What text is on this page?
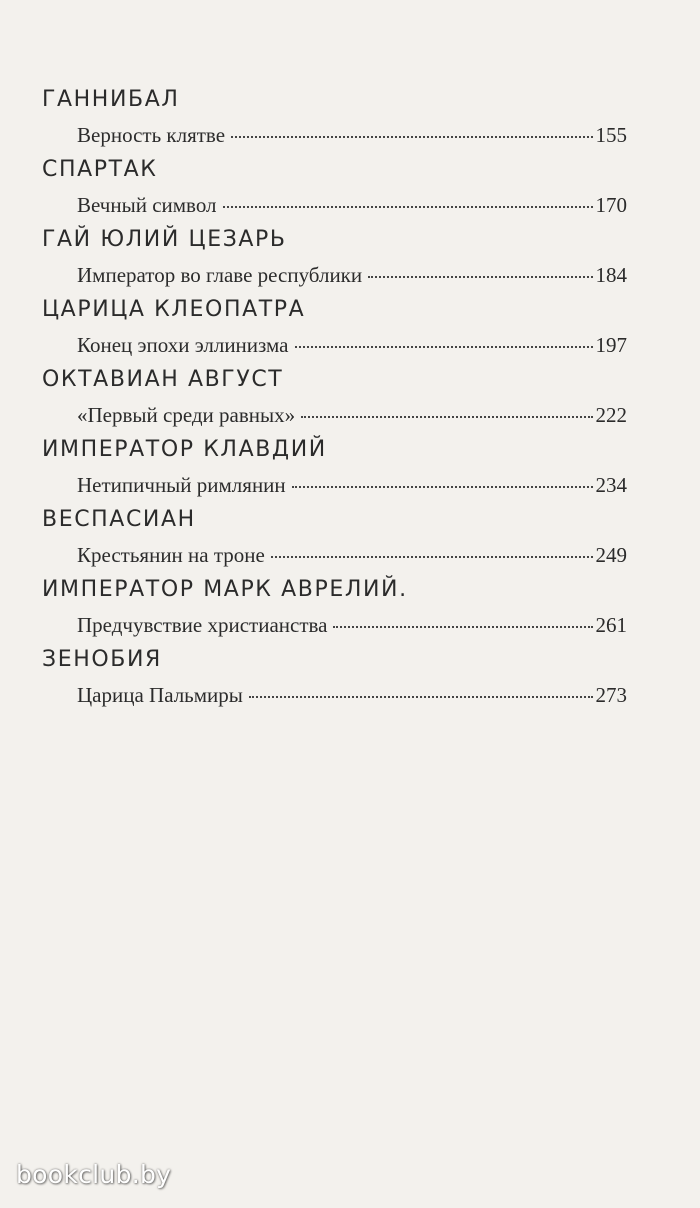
ГАННИБАЛ
Верность клятве	155
СПАРТАК
Вечный символ	170
ГАЙ ЮЛИЙ ЦЕЗАРЬ
Император во главе республики	184
ЦАРИЦА КЛЕОПАТРА
Конец эпохи эллинизма	197
ОКТАВИАН АВГУСТ
«Первый среди равных»	222
ИМПЕРАТОР КЛАВДИЙ
Нетипичный римлянин	234
ВЕСПАСИАН
Крестьянин на троне	249
ИМПЕРАТОР МАРК АВРЕЛИЙ.
Предчувствие христианства	261
ЗЕНОБИЯ
Царица Пальмиры	273
bookclub.by
